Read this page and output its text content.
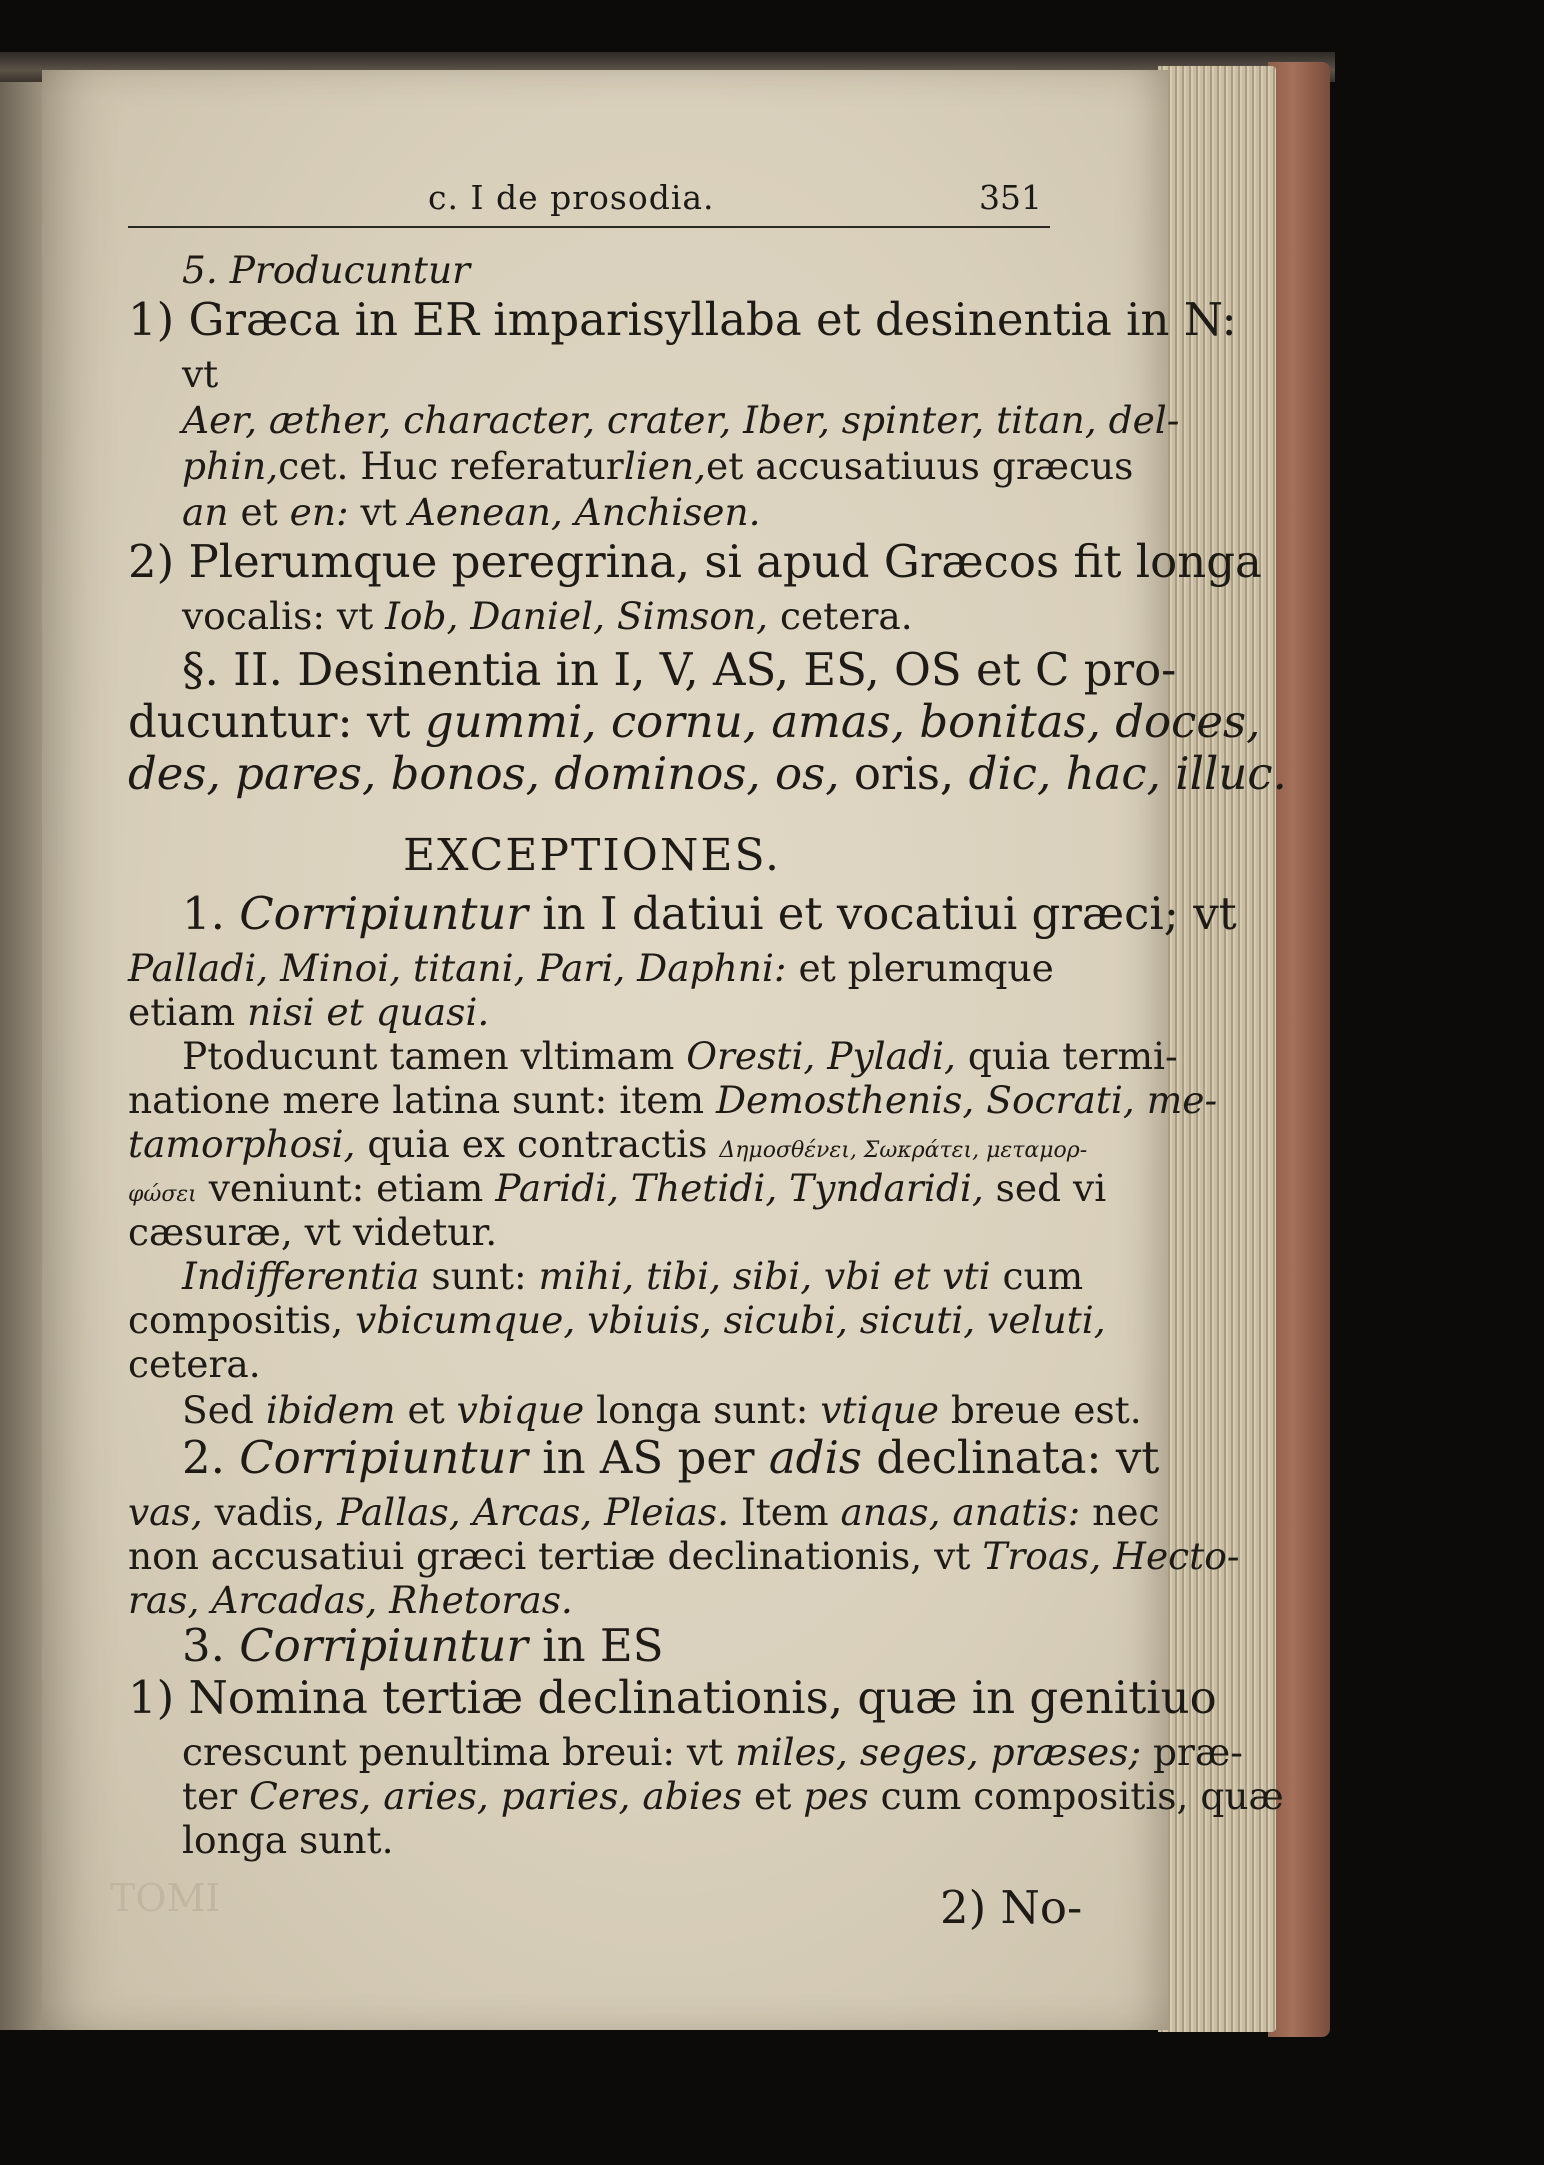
c. I de prosodia.	351
5. Producuntur
1) Græca in ER imparisyllaba et desinentia in N:
vt
Aer, æther, character, crater, Iber, spinter, titan, del-
phin, cet. Huc referatur lien, et accusatiuus græcus
an et en: vt Aenean, Anchisen.
2) Plerumque peregrina, si apud Græcos fit longa
vocalis: vt Iob, Daniel, Simson, cetera.
§. II. Desinentia in I, V, AS, ES, OS et C pro-
ducuntur: vt gummi, cornu, amas, bonitas, doces,
des, pares, bonos, dominos, os, oris, dic, hac, illuc.
EXCEPTIONES.
1. Corripiuntur in I datiui et vocatiui græci; vt
Palladi, Minoi, titani, Pari, Daphni: et plerumque
etiam nisi et quasi.
Ptoducunt tamen vltimam Oresti, Pyladi, quia termi-
natione mere latina sunt: item Demosthenis, Socrati, me-
tamorphosi, quia ex contractis Δημοσθένει, Σωκράτει, μεταμορ-
φώσει veniunt: etiam Paridi, Thetidi, Tyndaridi, sed vi
cæsuræ, vt videtur.
Indifferentia sunt: mihi, tibi, sibi, vbi et vti cum
compositis, vbicumque, vbiuis, sicubi, sicuti, veluti,
cetera.
Sed ibidem et vbique longa sunt: vtique breue est.
2. Corripiuntur in AS per adis declinata: vt
vas, vadis, Pallas, Arcas, Pleias. Item anas, anatis: nec
non accusatiui græci tertiæ declinationis, vt Troas, Hecto-
ras, Arcadas, Rhetoras.
3. Corripiuntur in ES
1) Nomina tertiæ declinationis, quæ in genitiuo
crescunt penultima breui: vt miles, seges, præses; præ-
ter Ceres, aries, paries, abies et pes cum compositis, quæ
longa sunt.
TOMI	2) No-
